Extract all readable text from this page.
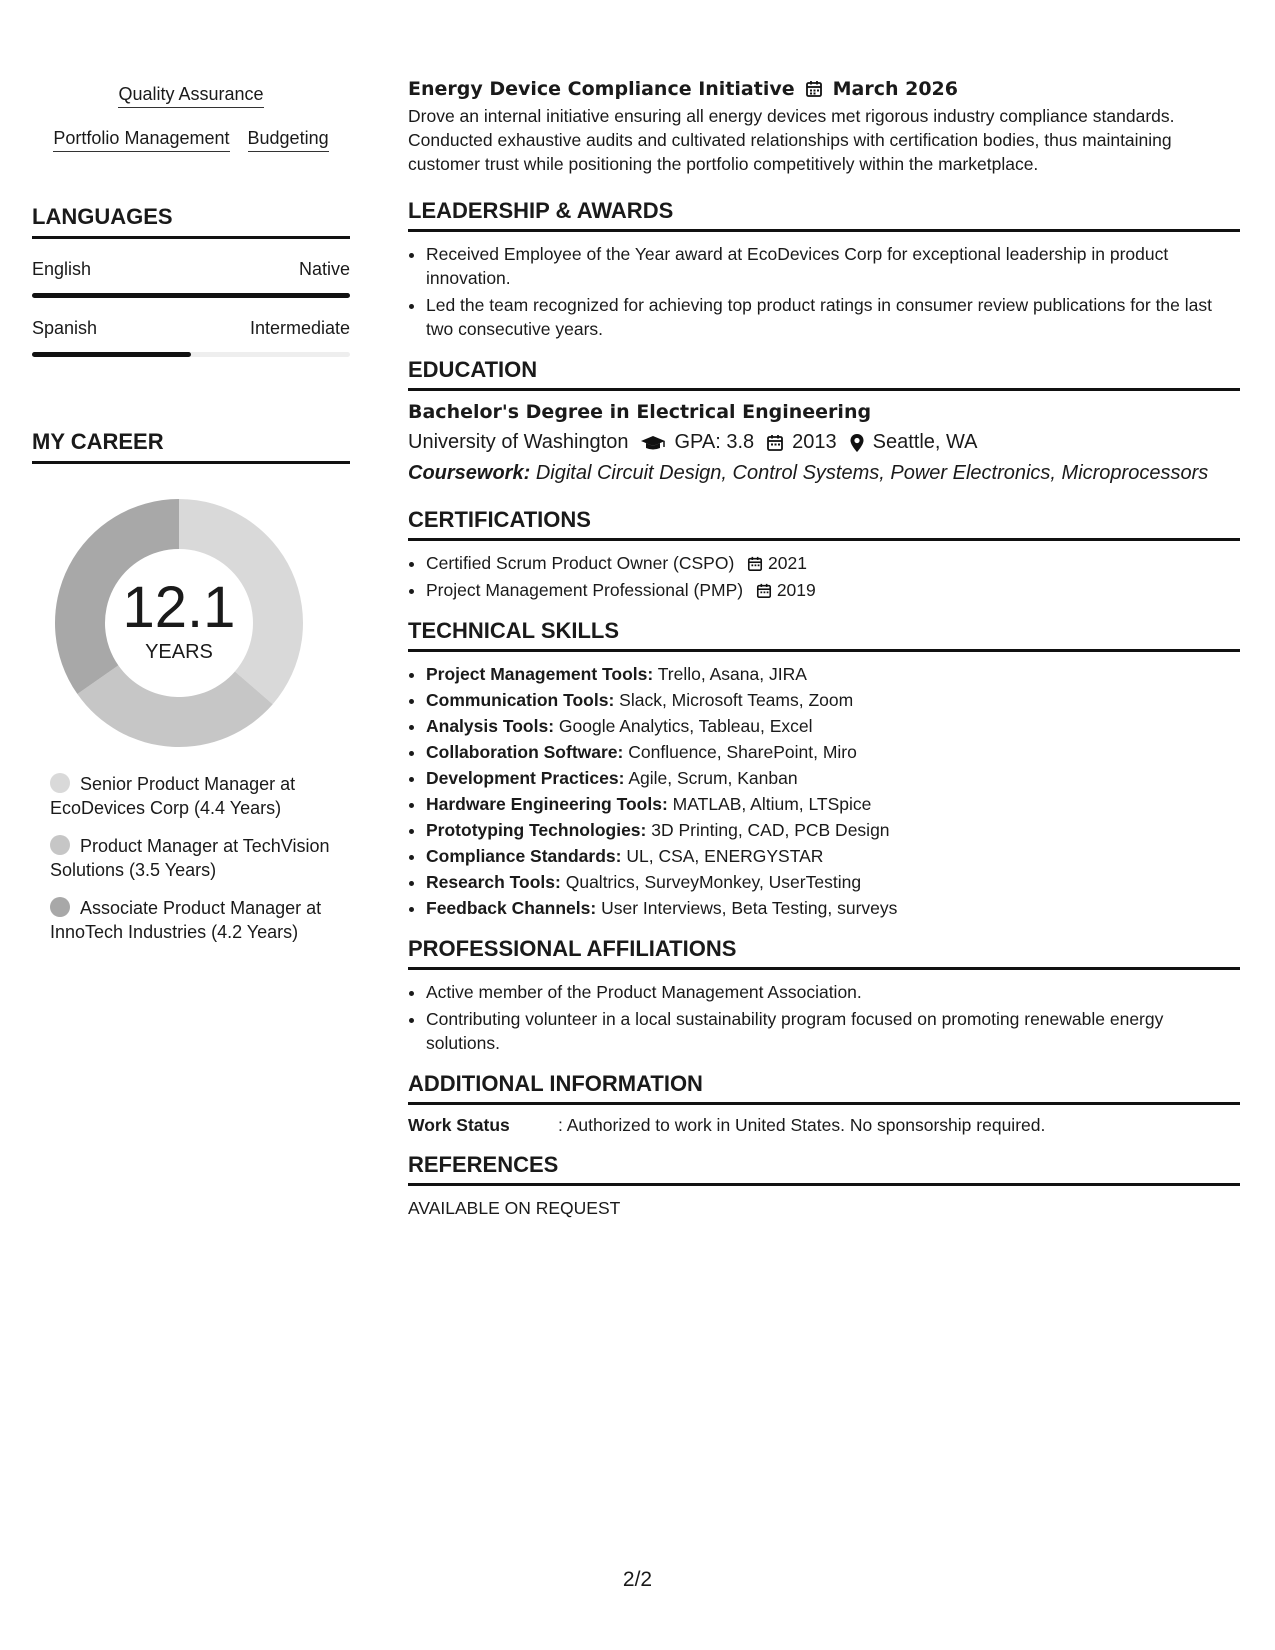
Quality Assurance
Portfolio Management Budgeting
LANGUAGES
English	Native
Spanish	Intermediate
MY CAREER
12.1
YEARS
Senior Product Manager at EcoDevices Corp (4.4 Years)
Product Manager at TechVision Solutions (3.5 Years)
Associate Product Manager at InnoTech Industries (4.2 Years)
Energy Device Compliance Initiative March 2026
Drove an internal initiative ensuring all energy devices met rigorous industry compliance standards. Conducted exhaustive audits and cultivated relationships with certification bodies, thus maintaining customer trust while positioning the portfolio competitively within the marketplace.
LEADERSHIP & AWARDS
• Received Employee of the Year award at EcoDevices Corp for exceptional leadership in product innovation.
• Led the team recognized for achieving top product ratings in consumer review publications for the last two consecutive years.
EDUCATION
Bachelor's Degree in Electrical Engineering
University of Washington GPA: 3.8 2013 Seattle, WA
Coursework: Digital Circuit Design, Control Systems, Power Electronics, Microprocessors
CERTIFICATIONS
• Certified Scrum Product Owner (CSPO) 2021
• Project Management Professional (PMP) 2019
TECHNICAL SKILLS
• Project Management Tools: Trello, Asana, JIRA
• Communication Tools: Slack, Microsoft Teams, Zoom
• Analysis Tools: Google Analytics, Tableau, Excel
• Collaboration Software: Confluence, SharePoint, Miro
• Development Practices: Agile, Scrum, Kanban
• Hardware Engineering Tools: MATLAB, Altium, LTSpice
• Prototyping Technologies: 3D Printing, CAD, PCB Design
• Compliance Standards: UL, CSA, ENERGYSTAR
• Research Tools: Qualtrics, SurveyMonkey, UserTesting
• Feedback Channels: User Interviews, Beta Testing, surveys
PROFESSIONAL AFFILIATIONS
• Active member of the Product Management Association.
• Contributing volunteer in a local sustainability program focused on promoting renewable energy solutions.
ADDITIONAL INFORMATION
Work Status	: Authorized to work in United States. No sponsorship required.
REFERENCES
AVAILABLE ON REQUEST
2/2
